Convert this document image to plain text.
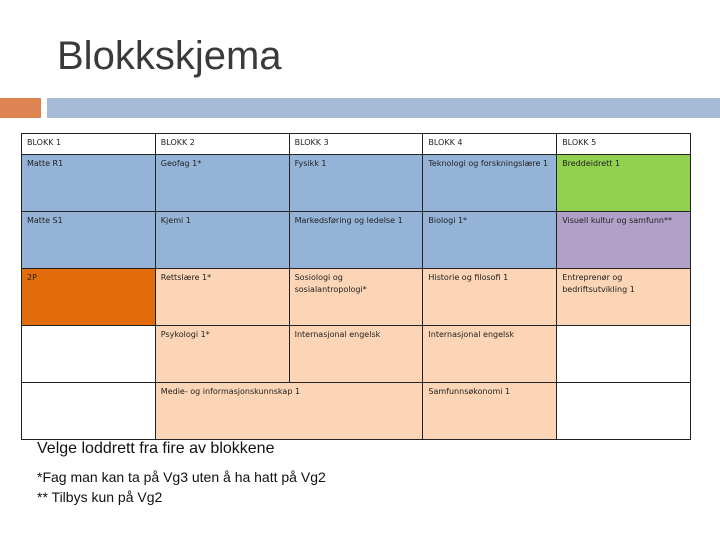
Blokkskjema
BLOKK 1	BLOKK 2	BLOKK 3	BLOKK 4	BLOKK 5
Matte R1	Geofag 1*	Fysikk 1	Teknologi og forskningslære 1	Breddeidrett 1
Matte S1	Kjemi 1	Markedsføring og ledelse 1	Biologi 1*	Visuell kultur og samfunn**
2P	Rettslære 1*	Sosiologi og sosialantropologi*	Historie og filosofi 1	Entreprenør og bedriftsutvikling 1
	Psykologi 1*	Internasjonal engelsk	Internasjonal engelsk	
	Medie- og informasjonskunnskap 1		Samfunnsøkonomi 1	
Velge loddrett fra fire av blokkene
*Fag man kan ta på Vg3 uten å ha hatt på Vg2
** Tilbys kun på Vg2
